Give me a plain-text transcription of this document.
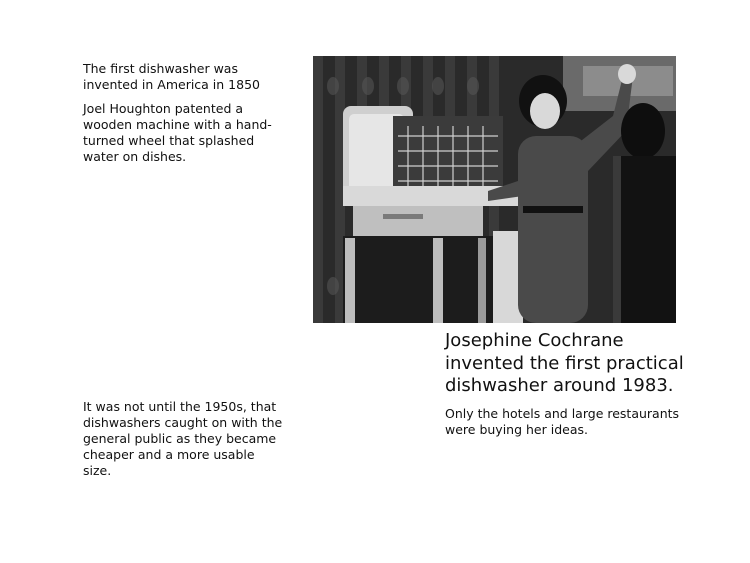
The first dishwasher was invented in America in 1850

Joel Houghton patented a wooden machine with a hand-turned wheel that splashed water on dishes.

Josephine Cochrane invented the first practical dishwasher around 1983.

Only the hotels and large restaurants were buying her ideas.

It was not until the 1950s, that dishwashers caught on with the general public as they became cheaper and a more usable size.
